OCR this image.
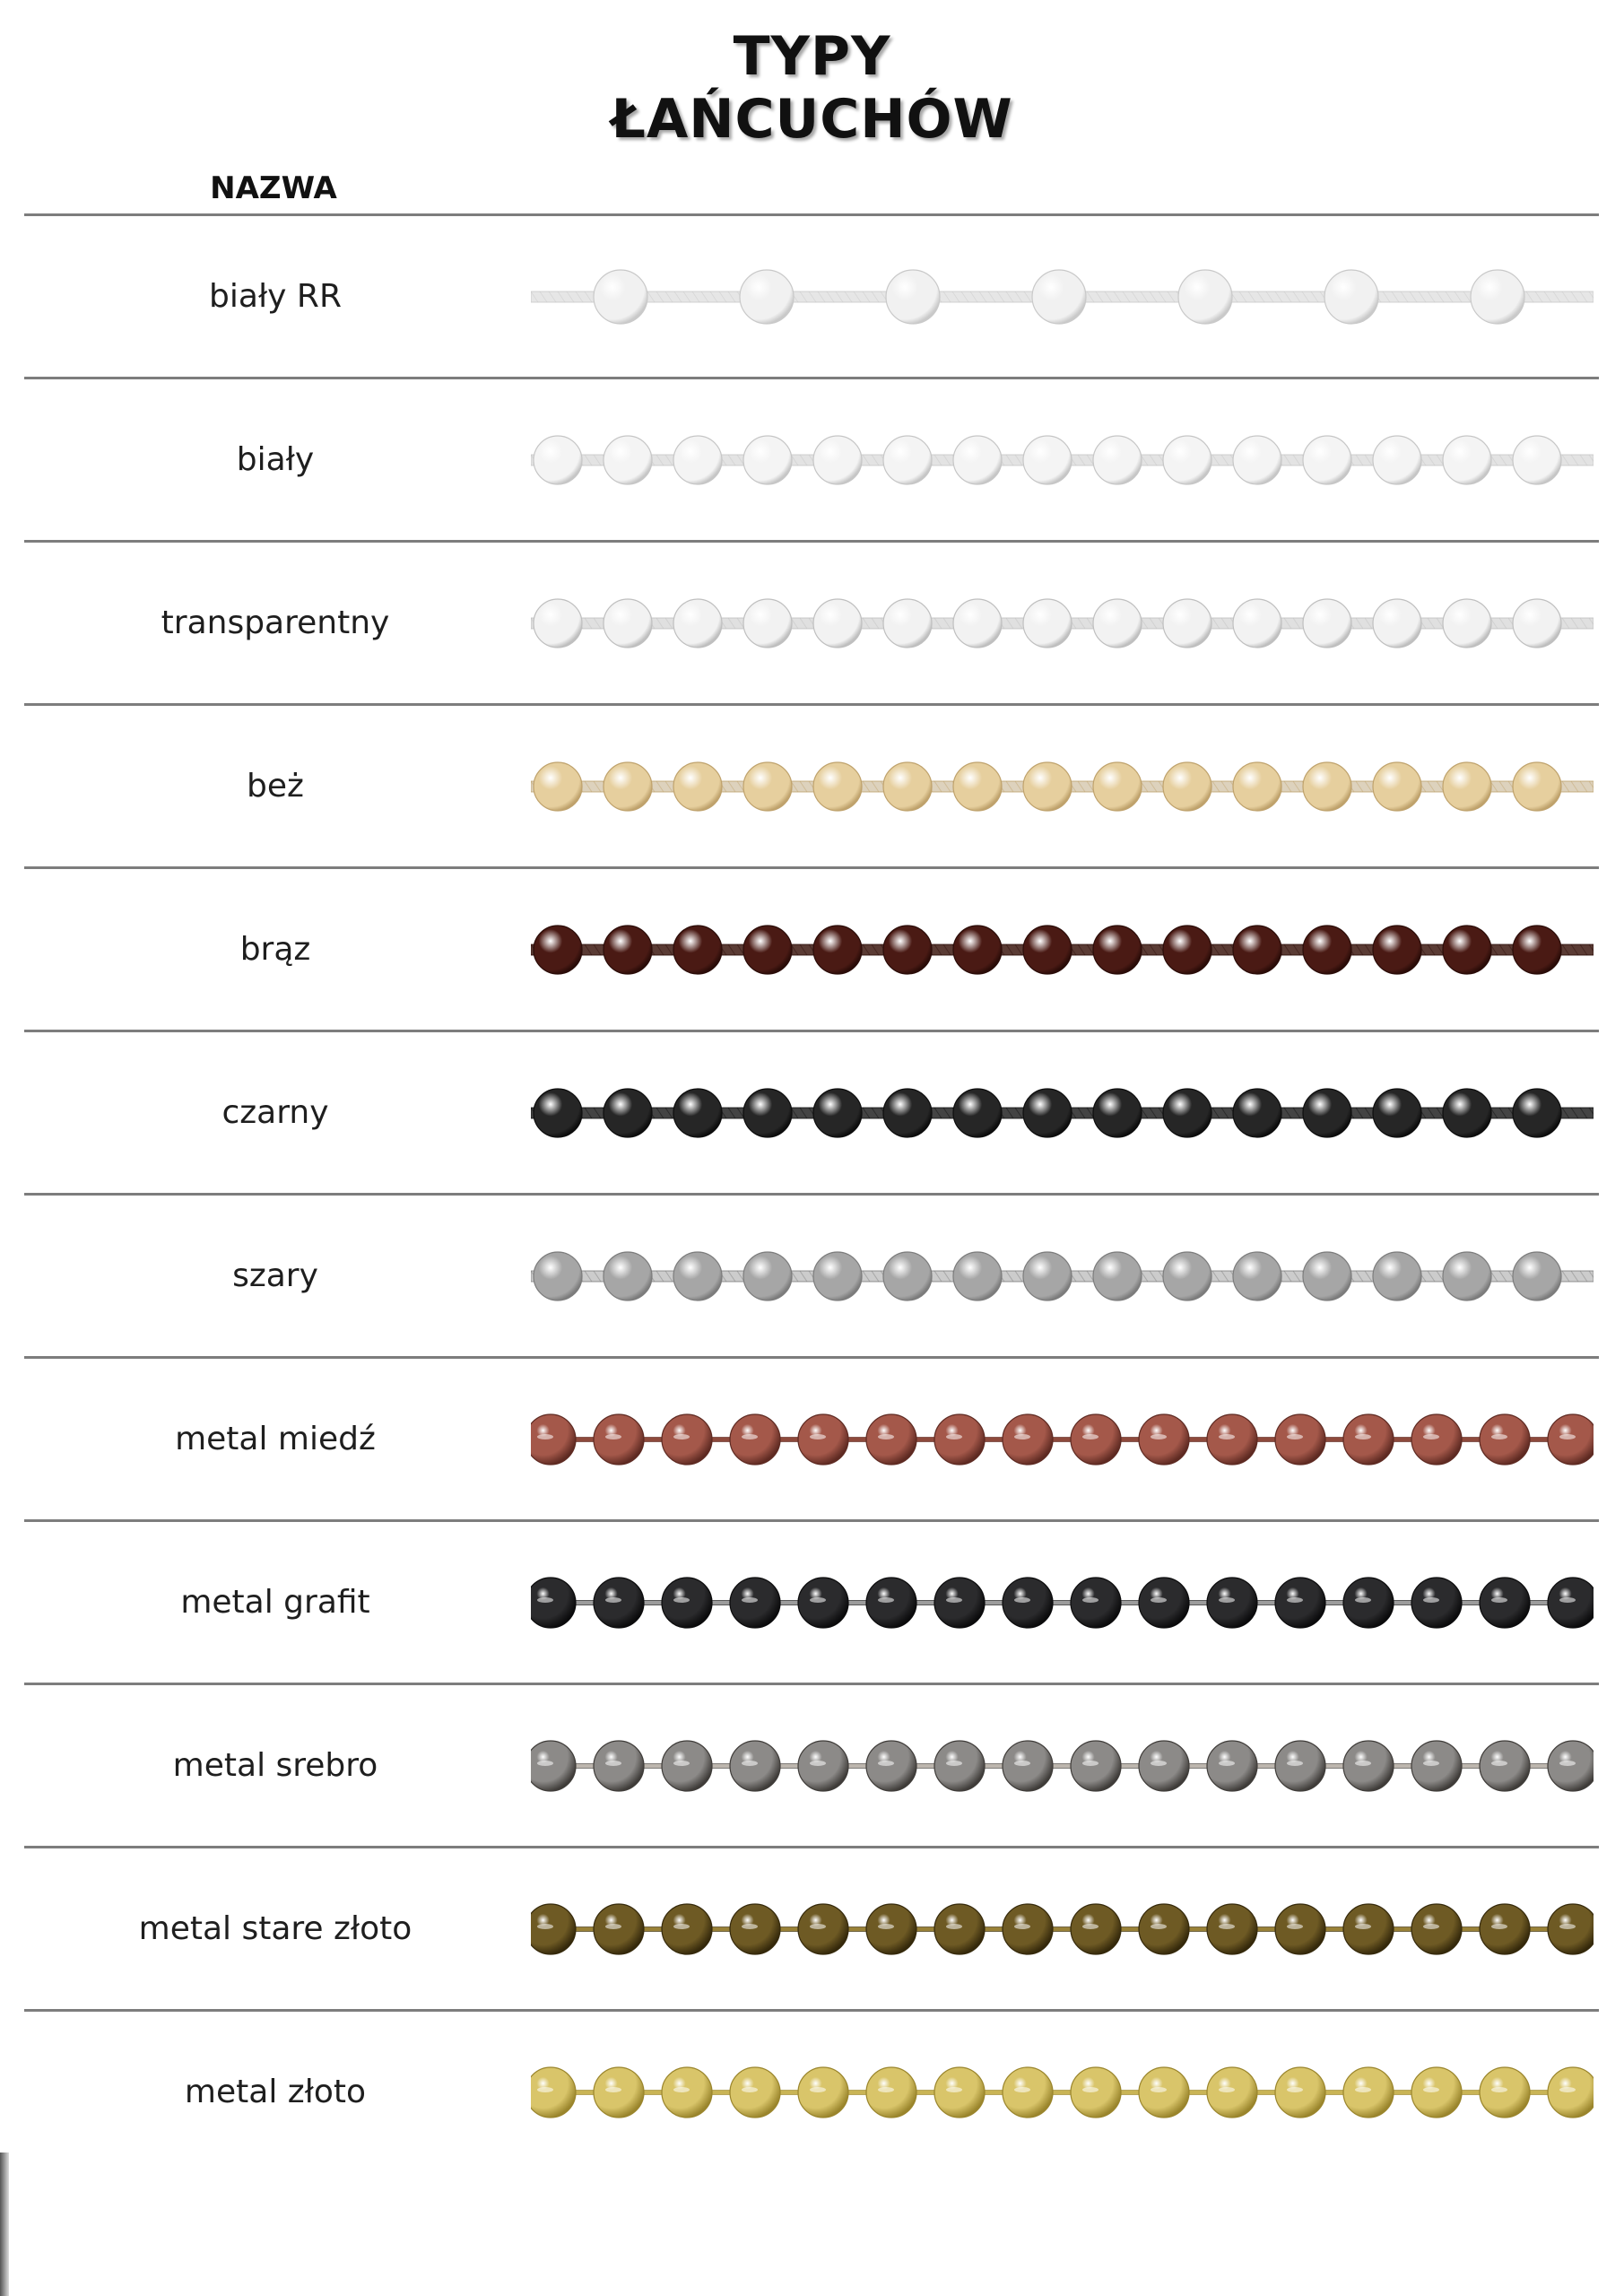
TYPY
ŁAŃCUCHÓW
NAZWA
biały RR
biały
transparentny
beż
brąz
czarny
szary
metal miedź
metal grafit
metal srebro
metal stare złoto
metal złoto
